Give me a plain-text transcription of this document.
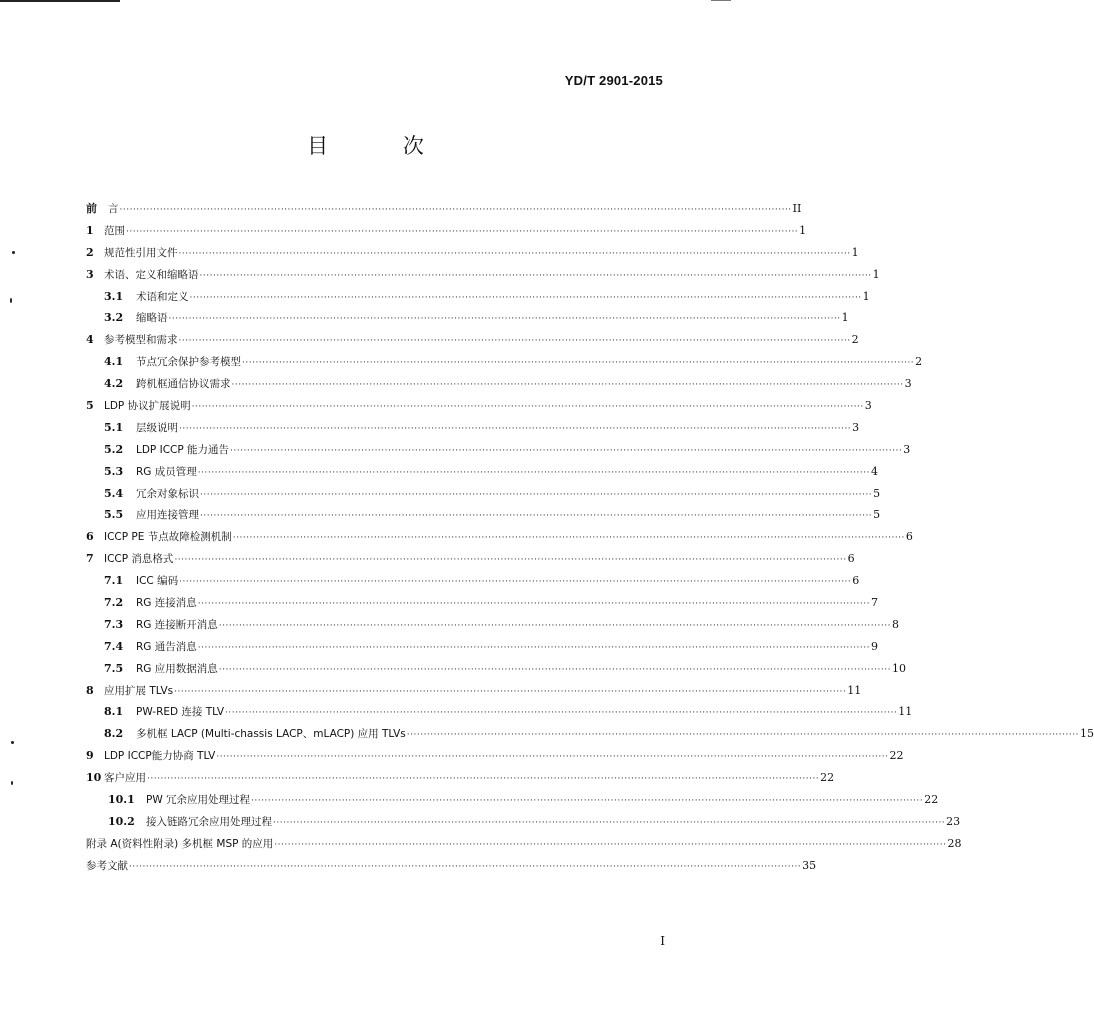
YD/T 2901-2015
目 次
前	言 ········································································································································································································ II
1 范围 ········································································································································································································ 1
2 规范性引用文件 ········································································································································································································ 1
3 术语、定义和缩略语 ········································································································································································································ 1
3.1	术语和定义 ········································································································································································································ 1
3.2	缩略语 ········································································································································································································ 1
4 参考模型和需求 ········································································································································································································ 2
4.1	节点冗余保护参考模型 ········································································································································································································ 2
4.2	跨机框通信协议需求 ········································································································································································································ 3
5 LDP 协议扩展说明 ········································································································································································································ 3
5.1	层级说明 ········································································································································································································ 3
5.2	LDP ICCP 能力通告 ········································································································································································································ 3
5.3	RG 成员管理 ········································································································································································································ 4
5.4	冗余对象标识 ········································································································································································································ 5
5.5	应用连接管理 ········································································································································································································ 5
6 ICCP PE 节点故障检测机制 ········································································································································································································ 6
7 ICCP 消息格式 ········································································································································································································ 6
7.1	ICC 编码 ········································································································································································································ 6
7.2	RG 连接消息 ········································································································································································································ 7
7.3	RG 连接断开消息 ········································································································································································································ 8
7.4	RG 通告消息 ········································································································································································································ 9
7.5	RG 应用数据消息 ········································································································································································································ 10
8 应用扩展 TLVs ········································································································································································································ 11
8.1	PW-RED 连接 TLV ········································································································································································································ 11
8.2	多机框 LACP (Multi-chassis LACP、mLACP) 应用 TLVs ········································································································································································································ 15
9 LDP ICCP能力协商 TLV ········································································································································································································ 22
10 客户应用 ········································································································································································································ 22
10.1	PW 冗余应用处理过程 ········································································································································································································ 22
10.2	接入链路冗余应用处理过程 ········································································································································································································ 23
附录 A(资料性附录) 多机框 MSP 的应用 ········································································································································································································ 28
参考文献 ········································································································································································································ 35
I
